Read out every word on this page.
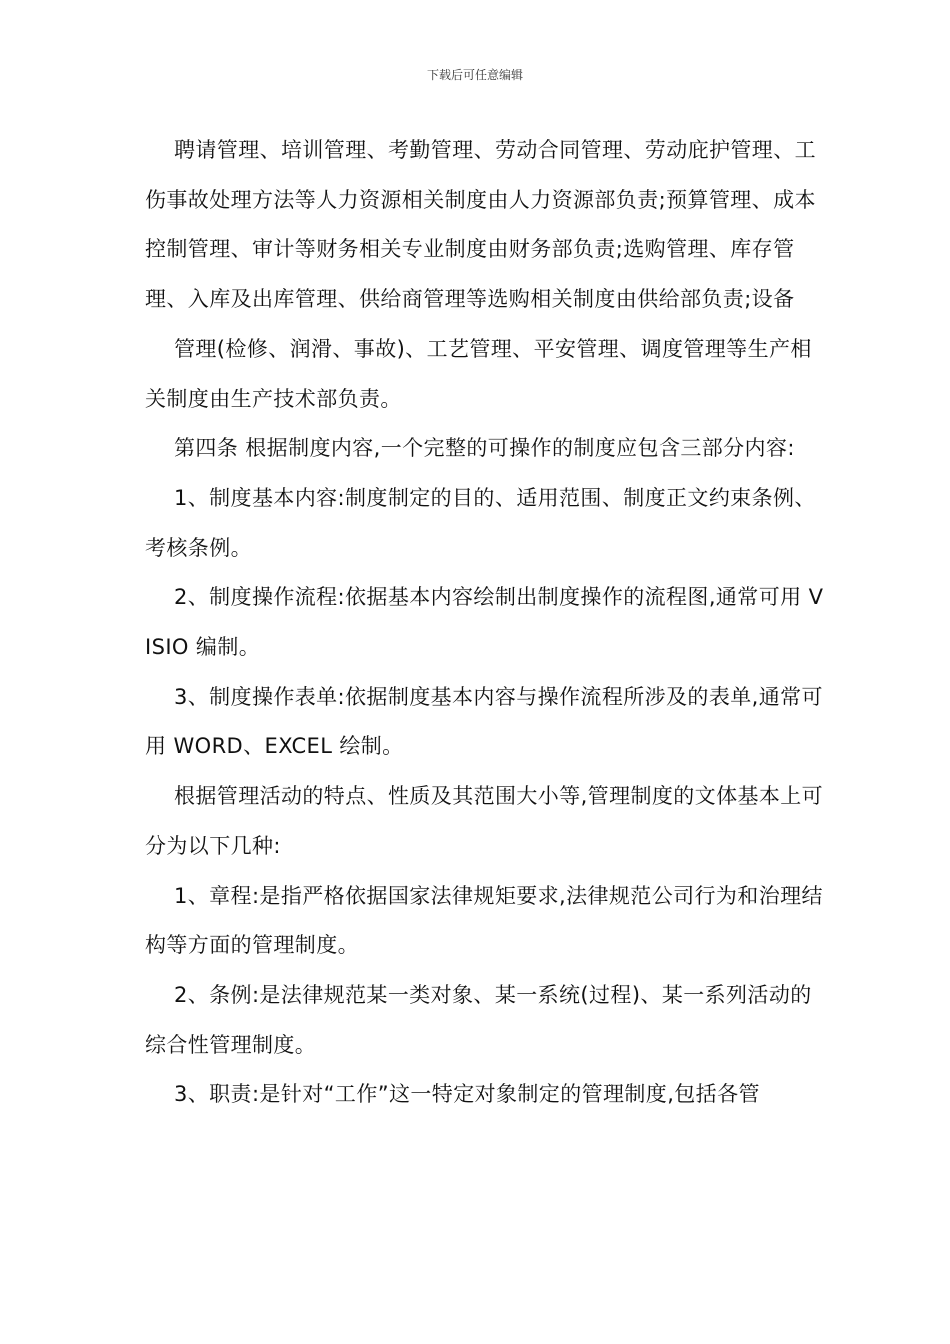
下载后可任意编辑

聘请管理、培训管理、考勤管理、劳动合同管理、劳动庇护管理、工伤事故处理方法等人力资源相关制度由人力资源部负责;预算管理、成本控制管理、审计等财务相关专业制度由财务部负责;选购管理、库存管理、入库及出库管理、供给商管理等选购相关制度由供给部负责;设备

管理(检修、润滑、事故)、工艺管理、平安管理、调度管理等生产相关制度由生产技术部负责。

第四条 根据制度内容,一个完整的可操作的制度应包含三部分内容:

1、制度基本内容:制度制定的目的、适用范围、制度正文约束条例、考核条例。

2、制度操作流程:依据基本内容绘制出制度操作的流程图,通常可用 VISIO 编制。

3、制度操作表单:依据制度基本内容与操作流程所涉及的表单,通常可用 WORD、EXCEL 绘制。

根据管理活动的特点、性质及其范围大小等,管理制度的文体基本上可分为以下几种:

1、章程:是指严格依据国家法律规矩要求,法律规范公司行为和治理结构等方面的管理制度。

2、条例:是法律规范某一类对象、某一系统(过程)、某一系列活动的综合性管理制度。

3、职责:是针对“工作”这一特定对象制定的管理制度,包括各管
